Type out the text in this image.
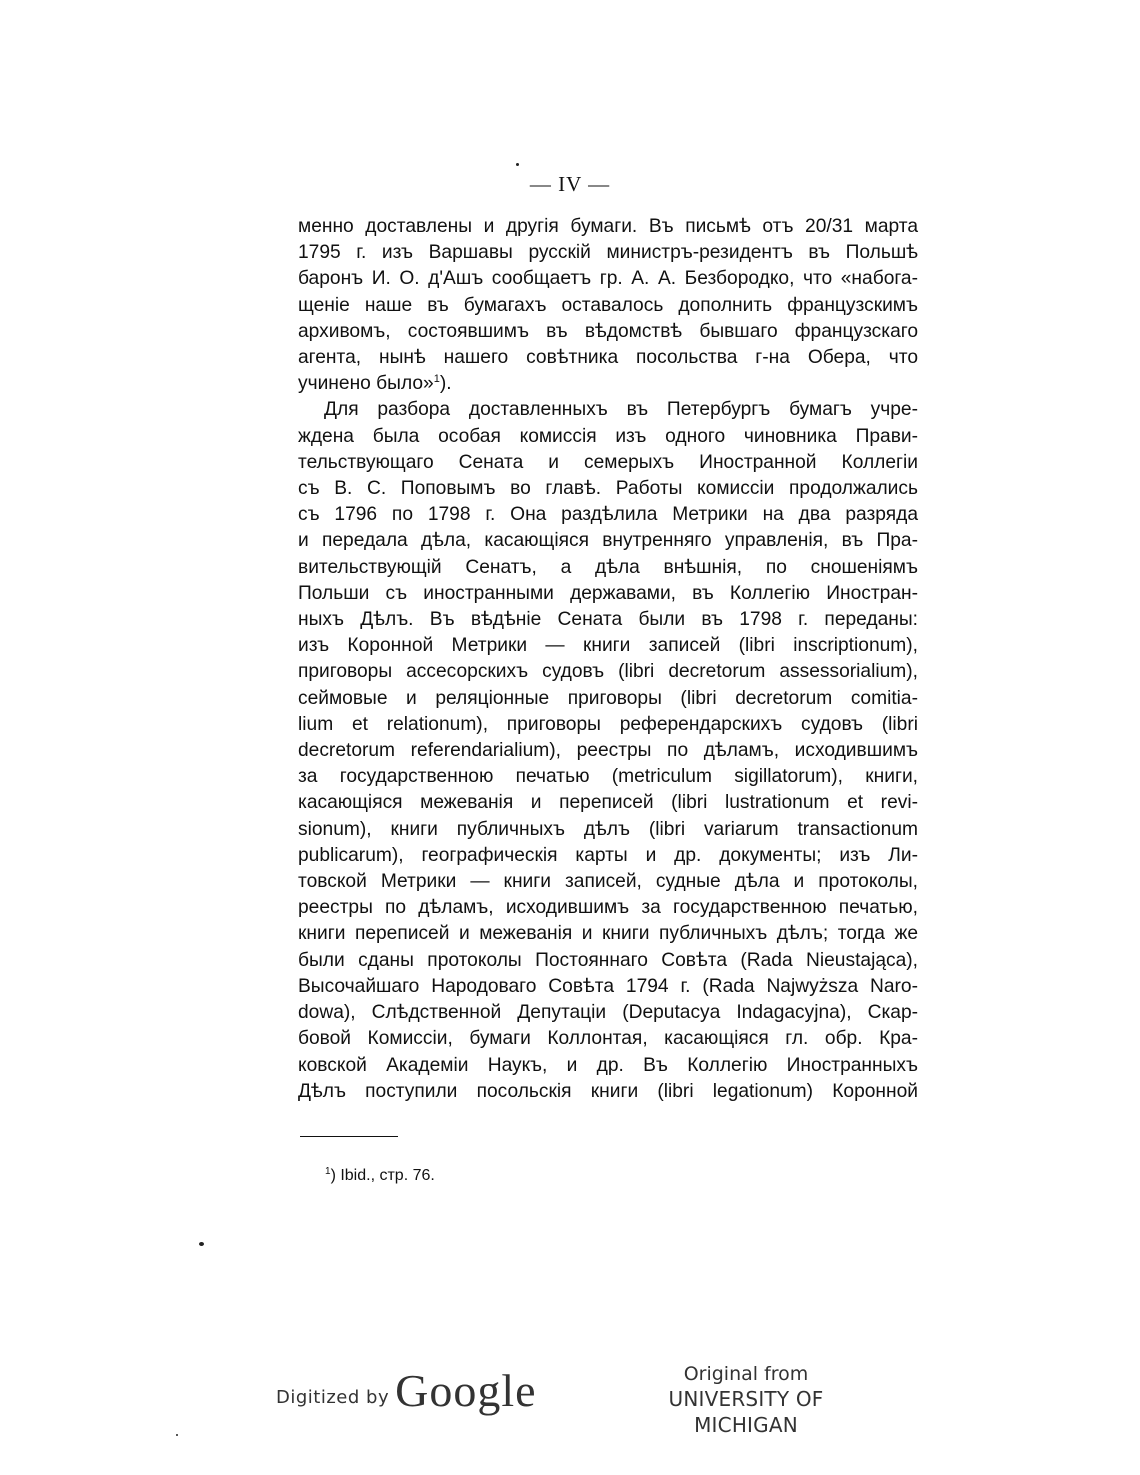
— IV —
менно доставлены и другія бумаги. Въ письмѣ отъ 20/31 марта
1795 г. изъ Варшавы русскій министръ-резидентъ въ Польшѣ
баронъ И. О. д'Ашъ сообщаетъ гр. А. А. Безбородко, что «набога-
щеніе наше въ бумагахъ оставалось дополнить французскимъ
архивомъ, состоявшимъ въ вѣдомствѣ бывшаго французскаго
агента, нынѣ нашего совѣтника посольства г-на Обера, что
учинено было»$^1$).
Для разбора доставленныхъ въ Петербургъ бумагъ учре-
ждена была особая комиссія изъ одного чиновника Прави-
тельствующаго Сената и семерыхъ Иностранной Коллегіи
съ В. С. Поповымъ во главѣ. Работы комиссіи продолжались
съ 1796 по 1798 г. Она раздѣлила Метрики на два разряда
и передала дѣла, касающіяся внутренняго управленія, въ Пра-
вительствующій Сенатъ, а дѣла внѣшнія, по сношеніямъ
Польши съ иностранными державами, въ Коллегію Иностран-
ныхъ Дѣлъ. Въ вѣдѣніе Сената были въ 1798 г. переданы:
изъ Коронной Метрики — книги записей (libri inscriptionum),
приговоры ассесорскихъ судовъ (libri decretorum assessorialium),
сеймовые и реляціонные приговоры (libri decretorum comitia-
lium et relationum), приговоры референдарскихъ судовъ (libri
decretorum referendarialium), реестры по дѣламъ, исходившимъ
за государственною печатью (metriculum sigillatorum), книги,
касающіяся межеванія и переписей (libri lustrationum et revi-
sionum), книги публичныхъ дѣлъ (libri variarum transactionum
publicarum), географическія карты и др. документы; изъ Ли-
товской Метрики — книги записей, судные дѣла и протоколы,
реестры по дѣламъ, исходившимъ за государственною печатью,
книги переписей и межеванія и книги публичныхъ дѣлъ; тогда же
были сданы протоколы Постояннаго Совѣта (Rada Nieustająca),
Высочайшаго Народоваго Совѣта 1794 г. (Rada Najwyższa Naro-
dowa), Слѣдственной Депутаціи (Deputacya Indagacyjna), Скар-
бовой Комиссіи, бумаги Коллонтая, касающіяся гл. обр. Кра-
ковской Академіи Наукъ, и др. Въ Коллегію Иностранныхъ
Дѣлъ поступили посольскія книги (libri legationum) Коронной
$^1$) Ibid., стр. 76.
Digitized by Google	Original from
UNIVERSITY OF MICHIGAN
